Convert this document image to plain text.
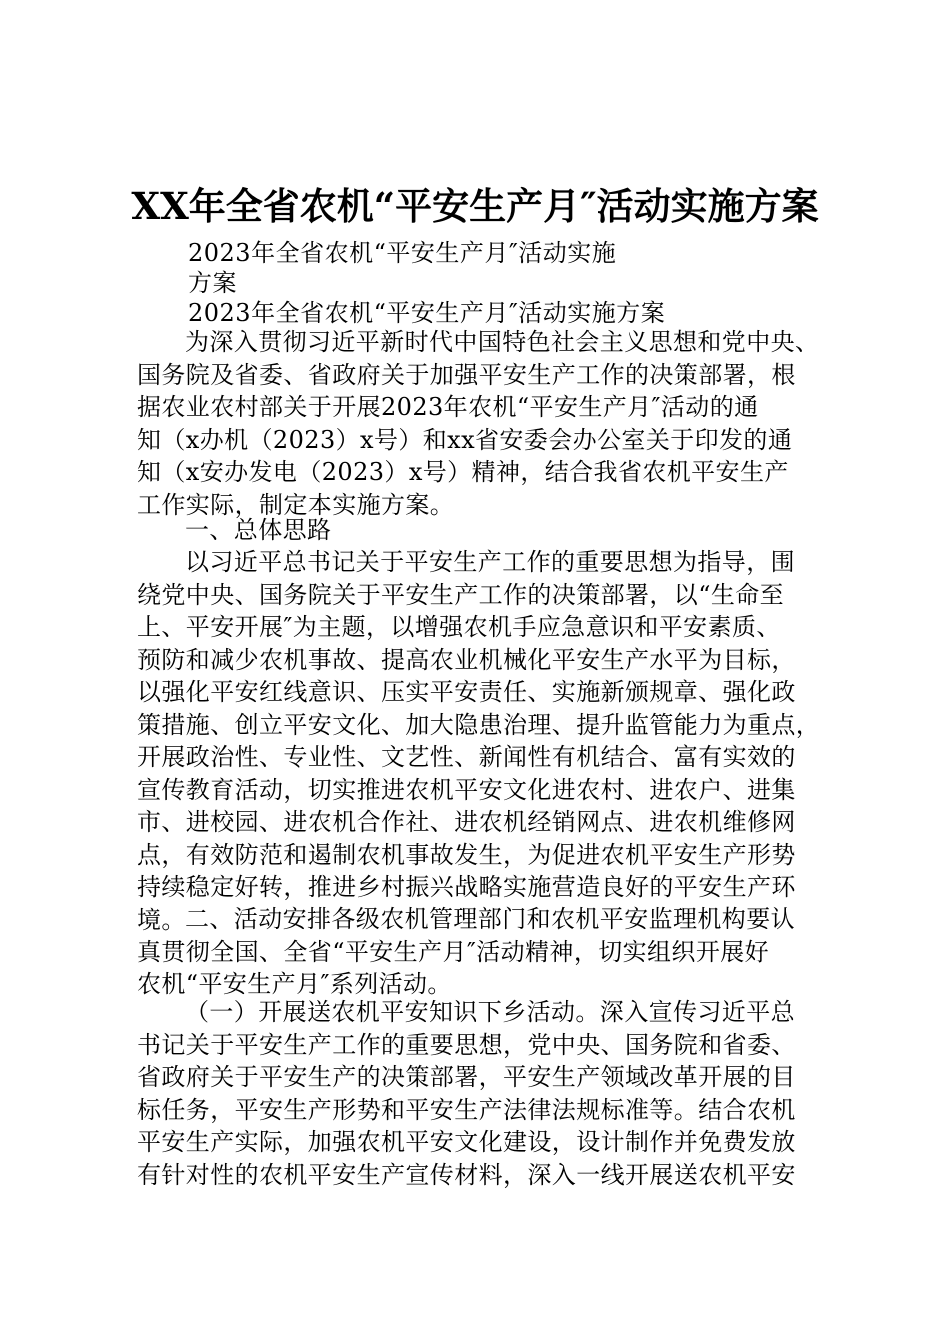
XX年全省农机“平安生产月″活动实施方案
2023年全省农机“平安生产月″活动实施
方案
2023年全省农机“平安生产月″活动实施方案
为深入贯彻习近平新时代中国特色社会主义思想和党中央、
国务院及省委、省政府关于加强平安生产工作的决策部署，根
据农业农村部关于开展2023年农机“平安生产月″活动的通
知（x办机（2023）x号）和xx省安委会办公室关于印发的通
知（x安办发电（2023）x号）精神，结合我省农机平安生产
工作实际，制定本实施方案。
一、总体思路
以习近平总书记关于平安生产工作的重要思想为指导，围
绕党中央、国务院关于平安生产工作的决策部署，以“生命至
上、平安开展″为主题，以增强农机手应急意识和平安素质、
预防和减少农机事故、提高农业机械化平安生产水平为目标，
以强化平安红线意识、压实平安责任、实施新颁规章、强化政
策措施、创立平安文化、加大隐患治理、提升监管能力为重点，
开展政治性、专业性、文艺性、新闻性有机结合、富有实效的
宣传教育活动，切实推进农机平安文化进农村、进农户、进集
市、进校园、进农机合作社、进农机经销网点、进农机维修网
点，有效防范和遏制农机事故发生，为促进农机平安生产形势
持续稳定好转，推进乡村振兴战略实施营造良好的平安生产环
境。 二、活动安排各级农机管理部门和农机平安监理机构要认
真贯彻全国、全省“平安生产月″活动精神，切实组织开展好
农机“平安生产月″系列活动。
（一）开展送农机平安知识下乡活动。深入宣传习近平总
书记关于平安生产工作的重要思想，党中央、国务院和省委、
省政府关于平安生产的决策部署，平安生产领域改革开展的目
标任务，平安生产形势和平安生产法律法规标准等。结合农机
平安生产实际，加强农机平安文化建设，设计制作并免费发放
有针对性的农机平安生产宣传材料，深入一线开展送农机平安
